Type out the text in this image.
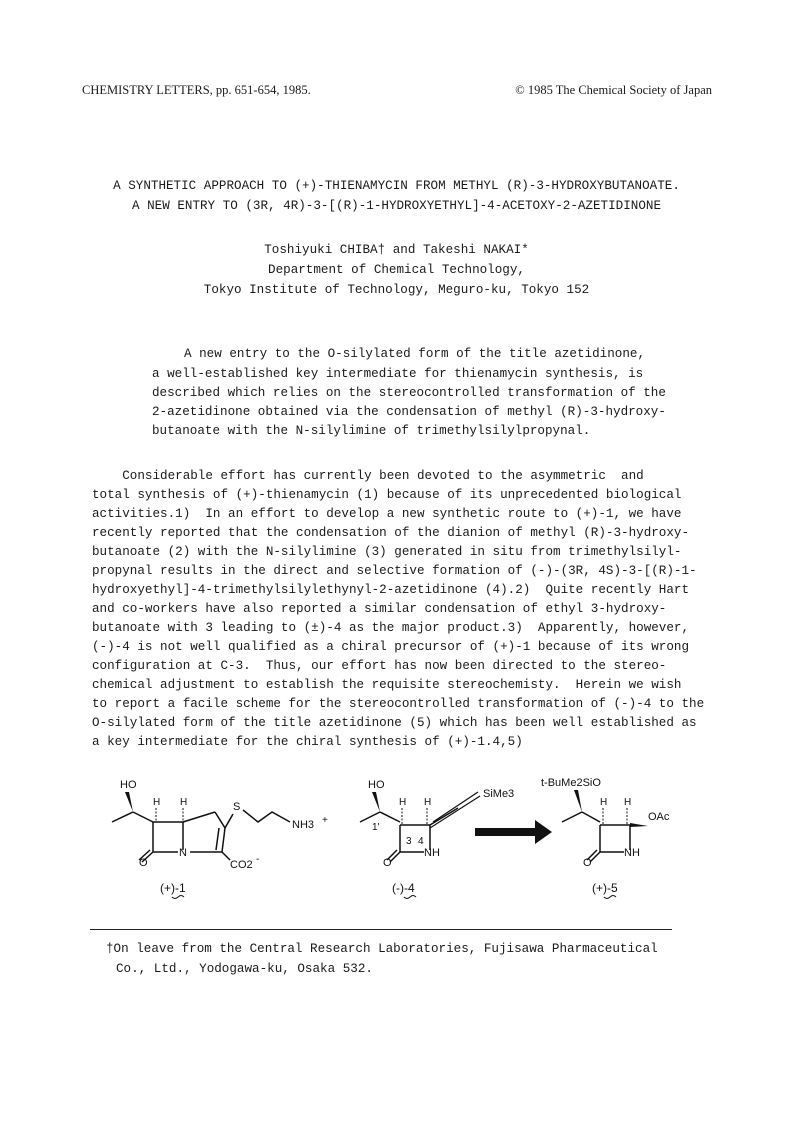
CHEMISTRY LETTERS, pp. 651-654, 1985.	© 1985 The Chemical Society of Japan
A SYNTHETIC APPROACH TO (+)-THIENAMYCIN FROM METHYL (R)-3-HYDROXYBUTANOATE.
A NEW ENTRY TO (3R, 4R)-3-[(R)-1-HYDROXYETHYL]-4-ACETOXY-2-AZETIDINONE
Toshiyuki CHIBA† and Takeshi NAKAI*
Department of Chemical Technology,
Tokyo Institute of Technology, Meguro-ku, Tokyo 152
A new entry to the O-silylated form of the title azetidinone,
a well-established key intermediate for thienamycin synthesis, is
described which relies on the stereocontrolled transformation of the
2-azetidinone obtained via the condensation of methyl (R)-3-hydroxy-
butanoate with the N-silylimine of trimethylsilylpropynal.
Considerable effort has currently been devoted to the asymmetric  and
total synthesis of (+)-thienamycin (1) because of its unprecedented biological
activities.1)  In an effort to develop a new synthetic route to (+)-1, we have
recently reported that the condensation of the dianion of methyl (R)-3-hydroxy-
butanoate (2) with the N-silylimine (3) generated in situ from trimethylsilyl-
propynal results in the direct and selective formation of (-)-(3R, 4S)-3-[(R)-1-
hydroxyethyl]-4-trimethylsilylethynyl-2-azetidinone (4).2)  Quite recently Hart
and co-workers have also reported a similar condensation of ethyl 3-hydroxy-
butanoate with 3 leading to (±)-4 as the major product.3)  Apparently, however,
(-)-4 is not well qualified as a chiral precursor of (+)-1 because of its wrong
configuration at C-3.  Thus, our effort has now been directed to the stereo-
chemical adjustment to establish the requisite stereochemisty.  Herein we wish
to report a facile scheme for the stereocontrolled transformation of (-)-4 to the
O-silylated form of the title azetidinone (5) which has been well established as
a key intermediate for the chiral synthesis of (+)-1.4,5)
HO
H H
O
N
S
NH3 +
CO2 -
(+)-1
HO
H H
1'
3 4
O
NH
SiMe3
(-)-4
t-BuMe2SiO
H H
O
NH
OAc
(+)-5
†On leave from the Central Research Laboratories, Fujisawa Pharmaceutical
Co., Ltd., Yodogawa-ku, Osaka 532.
